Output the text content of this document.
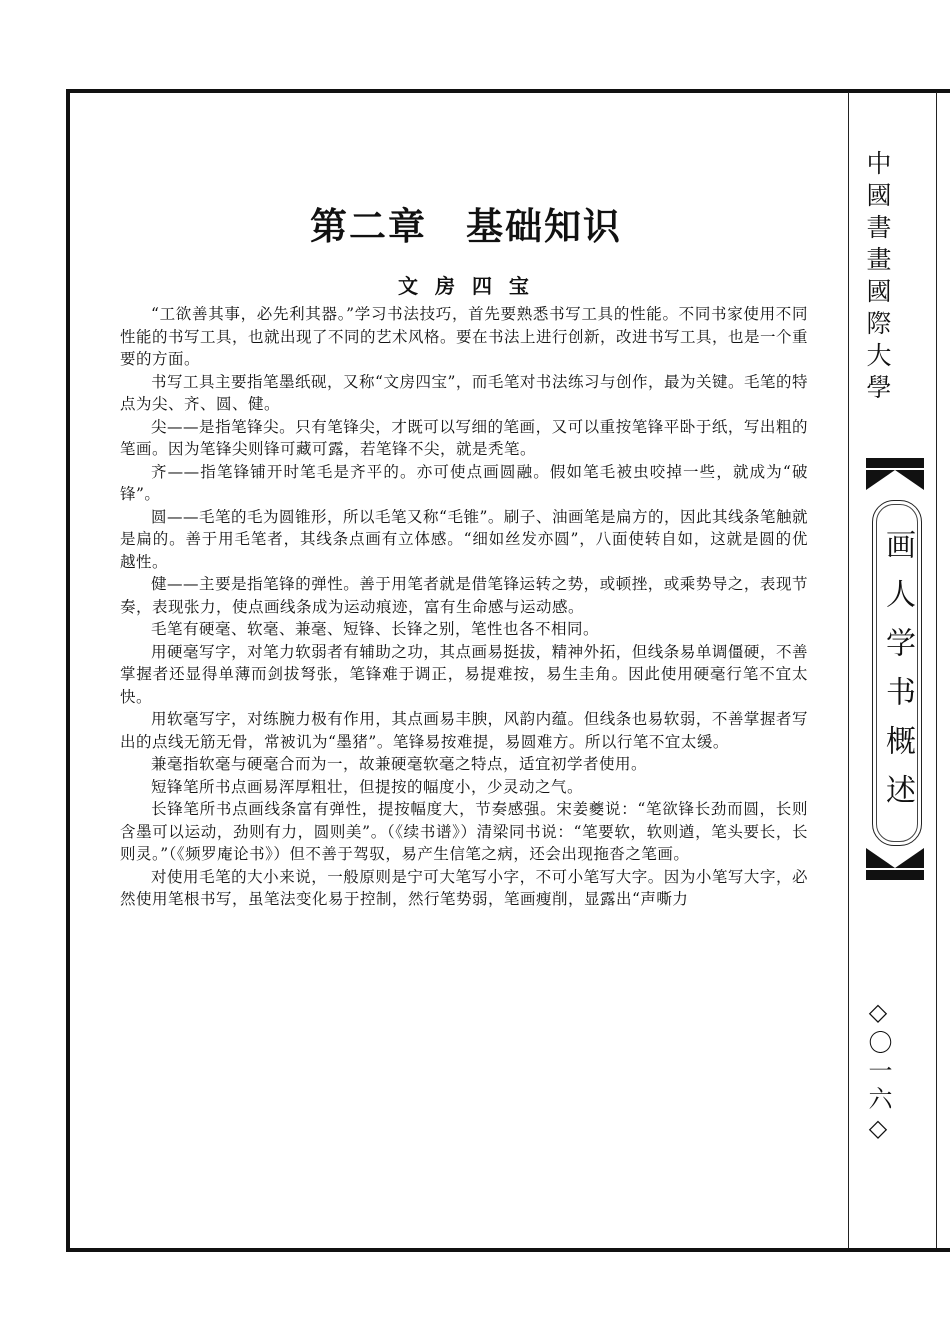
中國書畫國際大學
画人学书概述
◇〇一六◇
第二章　基础知识
文 房 四 宝

“工欲善其事，必先利其器。”学习书法技巧，首先要熟悉书写工具的性能。不同书家使用不同性能的书写工具，也就出现了不同的艺术风格。要在书法上进行创新，改进书写工具，也是一个重要的方面。

书写工具主要指笔墨纸砚，又称“文房四宝”，而毛笔对书法练习与创作，最为关键。毛笔的特点为尖、齐、圆、健。

尖——是指笔锋尖。只有笔锋尖，才既可以写细的笔画，又可以重按笔锋平卧于纸，写出粗的笔画。因为笔锋尖则锋可藏可露，若笔锋不尖，就是秃笔。

齐——指笔锋铺开时笔毛是齐平的。亦可使点画圆融。假如笔毛被虫咬掉一些，就成为“破锋”。

圆——毛笔的毛为圆锥形，所以毛笔又称“毛锥”。刷子、油画笔是扁方的，因此其线条笔触就是扁的。善于用毛笔者，其线条点画有立体感。“细如丝发亦圆”，八面使转自如，这就是圆的优越性。

健——主要是指笔锋的弹性。善于用笔者就是借笔锋运转之势，或顿挫，或乘势导之，表现节奏，表现张力，使点画线条成为运动痕迹，富有生命感与运动感。

毛笔有硬毫、软毫、兼毫、短锋、长锋之别，笔性也各不相同。

用硬毫写字，对笔力软弱者有辅助之功，其点画易挺拔，精神外拓，但线条易单调僵硬，不善掌握者还显得单薄而剑拔弩张，笔锋难于调正，易提难按，易生圭角。因此使用硬毫行笔不宜太快。

用软毫写字，对练腕力极有作用，其点画易丰腴，风韵内蕴。但线条也易软弱，不善掌握者写出的点线无筋无骨，常被讥为“墨猪”。笔锋易按难提，易圆难方。所以行笔不宜太缓。

兼毫指软毫与硬毫合而为一，故兼硬毫软毫之特点，适宜初学者使用。

短锋笔所书点画易浑厚粗壮，但提按的幅度小，少灵动之气。

长锋笔所书点画线条富有弹性，提按幅度大，节奏感强。宋姜夔说：“笔欲锋长劲而圆，长则含墨可以运动，劲则有力，圆则美”。（《续书谱》）清梁同书说：“笔要软，软则遒，笔头要长，长则灵。”（《频罗庵论书》）但不善于驾驭，易产生信笔之病，还会出现拖沓之笔画。

对使用毛笔的大小来说，一般原则是宁可大笔写小字，不可小笔写大字。因为小笔写大字，必然使用笔根书写，虽笔法变化易于控制，然行笔势弱，笔画瘦削，显露出“声嘶力
